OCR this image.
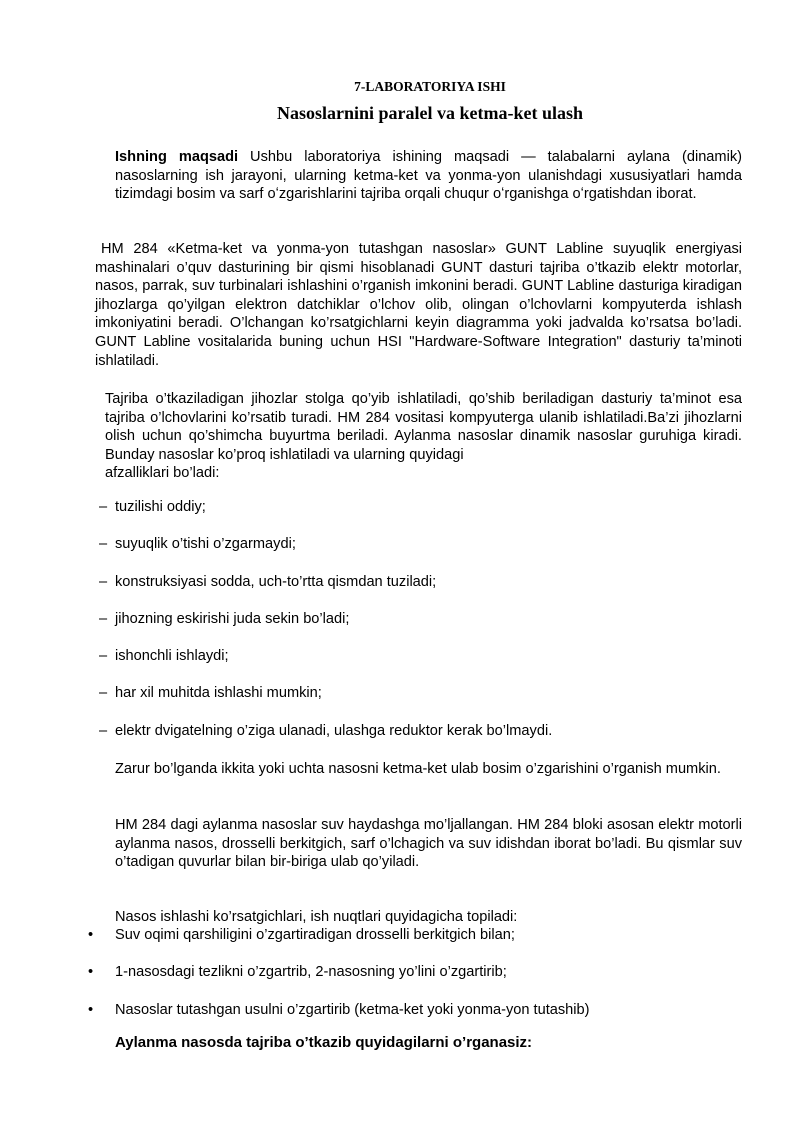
7-LABORATORIYA ISHI
Nasoslarnini paralel va ketma-ket ulash

Ishning maqsadi Ushbu laboratoriya ishining maqsadi — talabalarni aylana (dinamik) nasoslarning ish jarayoni, ularning ketma-ket va yonma-yon ulanishdagi xususiyatlari hamda tizimdagi bosim va sarf oʻzgarishlarini tajriba orqali chuqur oʻrganishga oʻrgatishdan iborat.

HM 284 «Ketma-ket va yonma-yon tutashgan nasoslar» GUNT Labline suyuqlik energiyasi mashinalari o’quv dasturining bir qismi hisoblanadi GUNT dasturi tajriba o’tkazib elektr motorlar, nasos, parrak, suv turbinalari ishlashini o’rganish imkonini beradi. GUNT Labline dasturiga kiradigan jihozlarga qo’yilgan elektron datchiklar o’lchov olib, olingan o’lchovlarni kompyuterda ishlash imkoniyatini beradi. O’lchangan ko’rsatgichlarni keyin diagramma yoki jadvalda ko’rsatsa bo’ladi. GUNT Labline vositalarida buning uchun HSI "Hardware-Software Integration" dasturiy ta’minoti ishlatiladi.

Tajriba o’tkaziladigan jihozlar stolga qo’yib ishlatiladi, qo’shib beriladigan dasturiy ta’minot esa tajriba o’lchovlarini ko’rsatib turadi. HM 284 vositasi kompyuterga ulanib ishlatiladi.Ba’zi jihozlarni olish uchun qo’shimcha buyurtma beriladi. Aylanma nasoslar dinamik nasoslar guruhiga kiradi. Bunday nasoslar ko’proq ishlatiladi va ularning quyidagi
afzalliklari bo’ladi:

– tuzilishi oddiy;
– suyuqlik o’tishi o’zgarmaydi;
– konstruksiyasi sodda, uch-to’rtta qismdan tuziladi;
– jihozning eskirishi juda sekin bo’ladi;
– ishonchli ishlaydi;
– har xil muhitda ishlashi mumkin;
– elektr dvigatelning o’ziga ulanadi, ulashga reduktor kerak bo’lmaydi.

Zarur bo’lganda ikkita yoki uchta nasosni ketma-ket ulab bosim o’zgarishini o’rganish mumkin.

HM 284 dagi aylanma nasoslar suv haydashga mo’ljallangan. HM 284 bloki asosan elektr motorli aylanma nasos, drosselli berkitgich, sarf o’lchagich va suv idishdan iborat bo’ladi. Bu qismlar suv o’tadigan quvurlar bilan bir-biriga ulab qo’yiladi.

Nasos ishlashi ko’rsatgichlari, ish nuqtlari quyidagicha topiladi:

• Suv oqimi qarshiligini o’zgartiradigan drosselli berkitgich bilan;
• 1-nasosdagi tezlikni o’zgartrib, 2-nasosning yo’lini o’zgartirib;
• Nasoslar tutashgan usulni o’zgartirib (ketma-ket yoki yonma-yon tutashib)

Aylanma nasosda tajriba o’tkazib quyidagilarni o’rganasiz:
